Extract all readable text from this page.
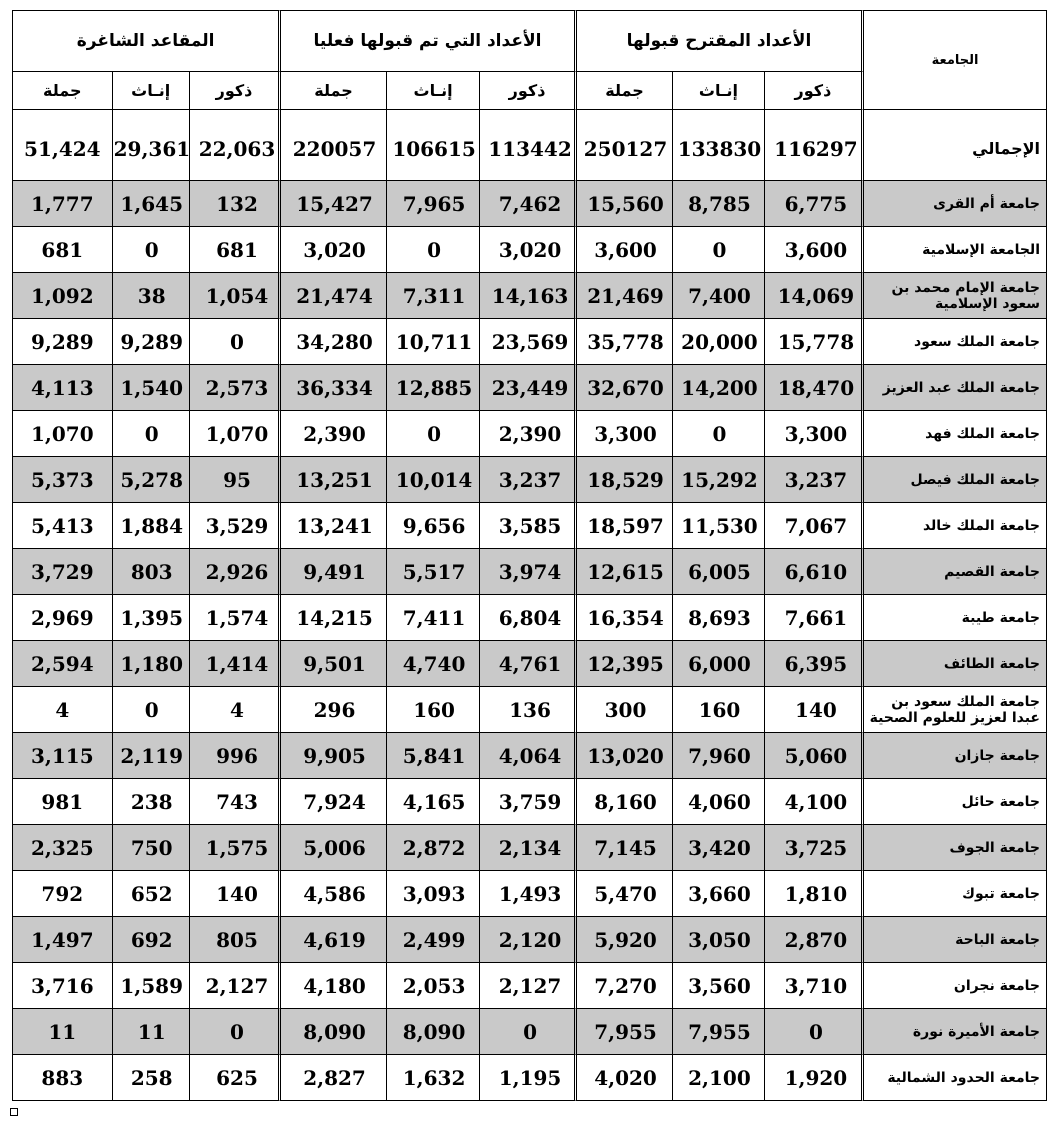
الجامعة	الأعداد المقترح قبولها			الأعداد التي تم قبولها فعليا			المقاعد الشاغرة		
	ذكور	إنـاث	جملة	ذكور	إنـاث	جملة	ذكور	إنـاث	جملة

الإجمالي	116297	133830	250127	113442	106615	220057	22,063	29,361	51,424
جامعة أم القرى	6,775	8,785	15,560	7,462	7,965	15,427	132	1,645	1,777
الجامعة الإسلامية	3,600	0	3,600	3,020	0	3,020	681	0	681
جامعة الإمام محمد بن سعود الإسلامية	14,069	7,400	21,469	14,163	7,311	21,474	1,054	38	1,092
جامعة الملك سعود	15,778	20,000	35,778	23,569	10,711	34,280	0	9,289	9,289
جامعة الملك عبد العزيز	18,470	14,200	32,670	23,449	12,885	36,334	2,573	1,540	4,113
جامعة الملك فهد	3,300	0	3,300	2,390	0	2,390	1,070	0	1,070
جامعة الملك فيصل	3,237	15,292	18,529	3,237	10,014	13,251	95	5,278	5,373
جامعة الملك خالد	7,067	11,530	18,597	3,585	9,656	13,241	3,529	1,884	5,413
جامعة القصيم	6,610	6,005	12,615	3,974	5,517	9,491	2,926	803	3,729
جامعة طيبة	7,661	8,693	16,354	6,804	7,411	14,215	1,574	1,395	2,969
جامعة الطائف	6,395	6,000	12,395	4,761	4,740	9,501	1,414	1,180	2,594
جامعة الملك سعود بن عبدا لعزيز للعلوم الصحية	140	160	300	136	160	296	4	0	4
جامعة جازان	5,060	7,960	13,020	4,064	5,841	9,905	996	2,119	3,115
جامعة حائل	4,100	4,060	8,160	3,759	4,165	7,924	743	238	981
جامعة الجوف	3,725	3,420	7,145	2,134	2,872	5,006	1,575	750	2,325
جامعة تبوك	1,810	3,660	5,470	1,493	3,093	4,586	140	652	792
جامعة الباحة	2,870	3,050	5,920	2,120	2,499	4,619	805	692	1,497
جامعة نجران	3,710	3,560	7,270	2,127	2,053	4,180	2,127	1,589	3,716
جامعة الأميرة نورة	0	7,955	7,955	0	8,090	8,090	0	11	11
جامعة الحدود الشمالية	1,920	2,100	4,020	1,195	1,632	2,827	625	258	883
